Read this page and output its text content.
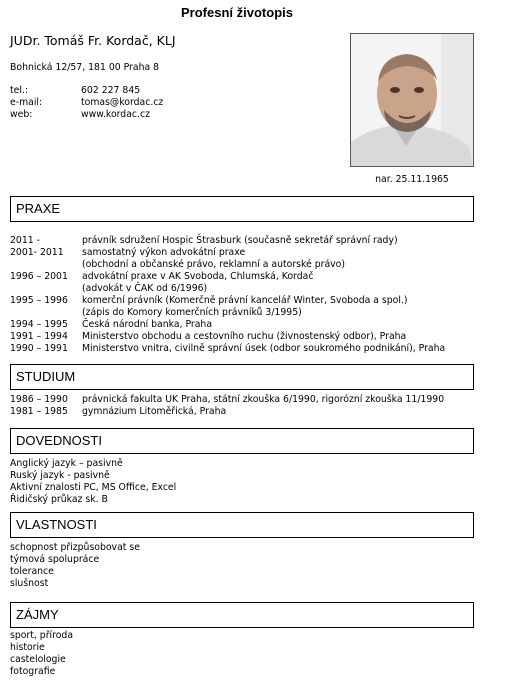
Profesní životopis
JUDr. Tomáš Fr. Kordač, KLJ
Bohnická 12/57, 181 00 Praha 8
tel.:	602 227 845
e-mail:	tomas@kordac.cz
web:	www.kordac.cz
nar. 25.11.1965
PRAXE
2011 -	právník sdružení Hospic Štrasburk (současně sekretář správní rady)
2001- 2011	samostatný výkon advokátní praxe
(obchodní a občanské právo, reklamní a autorské právo)
1996 – 2001	advokátní praxe v AK Svoboda, Chlumská, Kordač
(advokát v ČAK od 6/1996)
1995 – 1996	komerční právník (Komerčně právní kancelář Winter, Svoboda a spol.)
(zápis do Komory komerčních právníků 3/1995)
1994 – 1995	Česká národní banka, Praha
1991 – 1994	Ministerstvo obchodu a cestovního ruchu (živnostenský odbor), Praha
1990 – 1991	Ministerstvo vnitra, civilně správní úsek (odbor soukromého podnikání), Praha
STUDIUM
1986 – 1990	právnická fakulta UK Praha, státní zkouška 6/1990, rigorózní zkouška 11/1990
1981 – 1985	gymnázium Litoměřická, Praha
DOVEDNOSTI
Anglický jazyk – pasivně
Ruský jazyk - pasivně
Aktivní znalosti PC, MS Office, Excel
Řidičský průkaz sk. B
VLASTNOSTI
schopnost přizpůsobovat se
týmová spolupráce
tolerance
slušnost
ZÁJMY
sport, příroda
historie
castelologie
fotografie
